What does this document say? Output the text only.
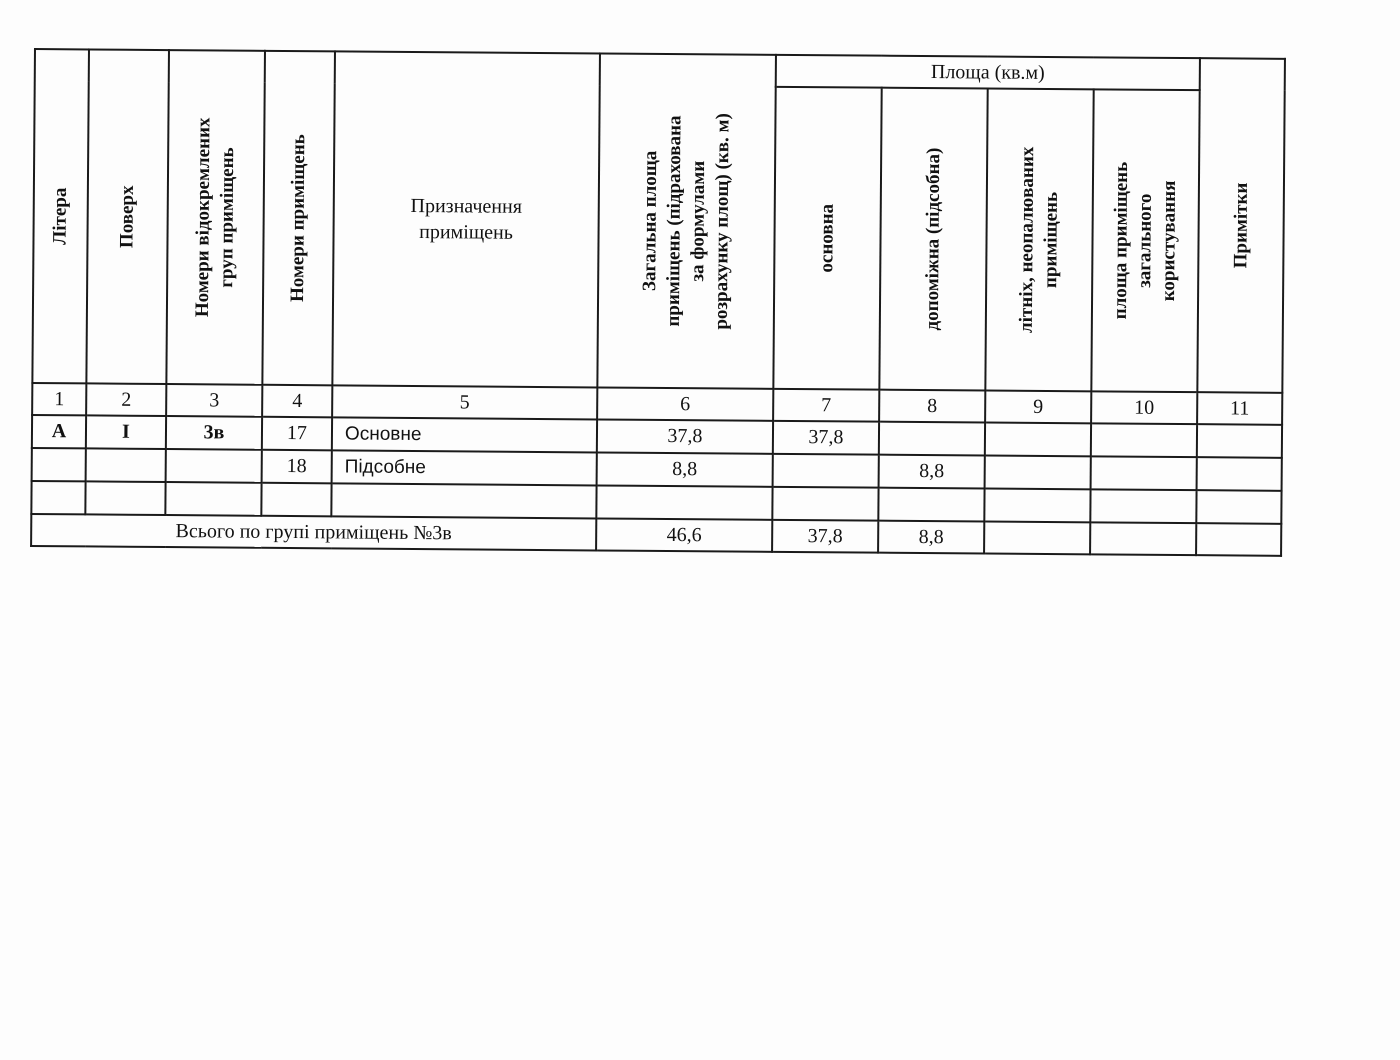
Літера	Поверх	Номери відокремлених груп приміщень	Номери приміщень	Призначення
приміщень	Загальна площа приміщень (підрахована за формулами розрахунку площ) (кв. м)	Площа (кв.м)				Примітки

						основна	допоміжна (підсобна)	літніх, неопалюваних приміщень	площа приміщень загального користування	

1	2	3	4	5	6	7	8	9	10	11
А	І	3в	17	Основне	37,8	37,8				
			18	Підсобне	8,8		8,8			

Всього по групі приміщень №3в					46,6	37,8	8,8			
